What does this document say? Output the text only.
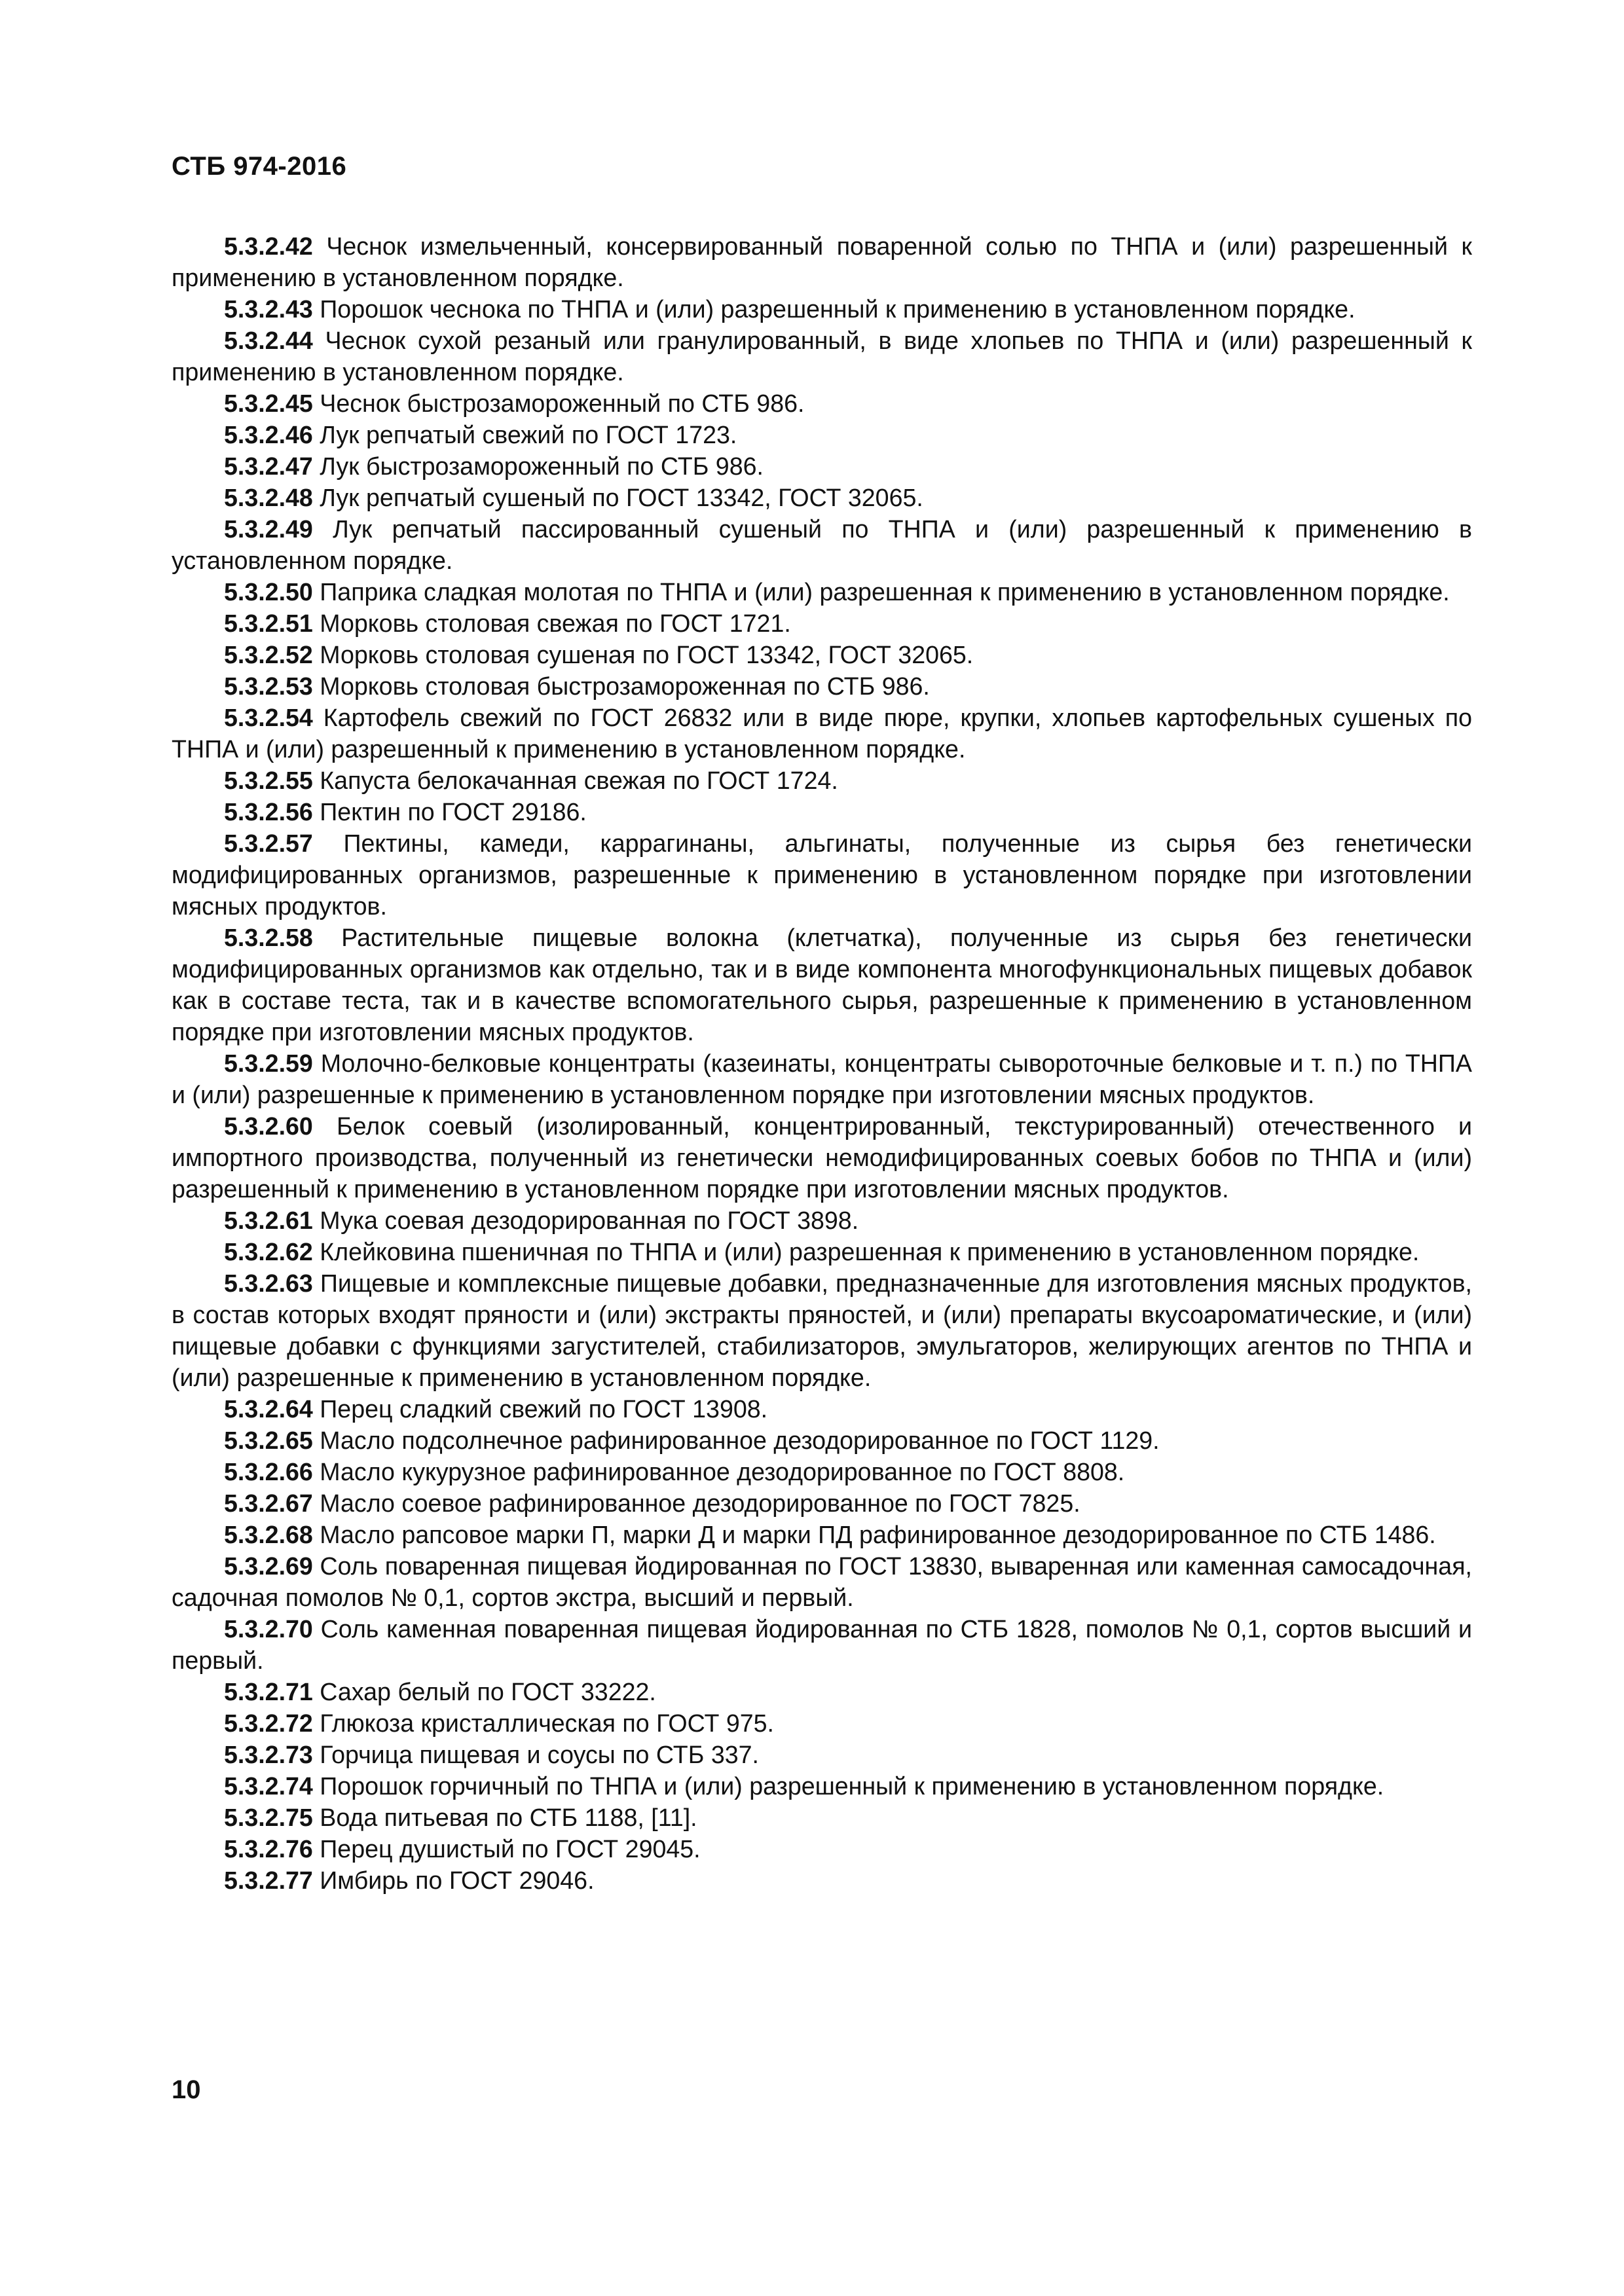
СТБ 974-2016

5.3.2.42 Чеснок измельченный, консервированный поваренной солью по ТНПА и (или) разрешенный к применению в установленном порядке.

5.3.2.43 Порошок чеснока по ТНПА и (или) разрешенный к применению в установленном порядке.

5.3.2.44 Чеснок сухой резаный или гранулированный, в виде хлопьев по ТНПА и (или) разрешенный к применению в установленном порядке.

5.3.2.45 Чеснок быстрозамороженный по СТБ 986.

5.3.2.46 Лук репчатый свежий по ГОСТ 1723.

5.3.2.47 Лук быстрозамороженный по СТБ 986.

5.3.2.48 Лук репчатый сушеный по ГОСТ 13342, ГОСТ 32065.

5.3.2.49 Лук репчатый пассированный сушеный по ТНПА и (или) разрешенный к применению в установленном порядке.

5.3.2.50 Паприка сладкая молотая по ТНПА и (или) разрешенная к применению в установленном порядке.

5.3.2.51 Морковь столовая свежая по ГОСТ 1721.

5.3.2.52 Морковь столовая сушеная по ГОСТ 13342, ГОСТ 32065.

5.3.2.53 Морковь столовая быстрозамороженная по СТБ 986.

5.3.2.54 Картофель свежий по ГОСТ 26832 или в виде пюре, крупки, хлопьев картофельных сушеных по ТНПА и (или) разрешенный к применению в установленном порядке.

5.3.2.55 Капуста белокачанная свежая по ГОСТ 1724.

5.3.2.56 Пектин по ГОСТ 29186.

5.3.2.57 Пектины, камеди, каррагинаны, альгинаты, полученные из сырья без генетически модифицированных организмов, разрешенные к применению в установленном порядке при изготовлении мясных продуктов.

5.3.2.58 Растительные пищевые волокна (клетчатка), полученные из сырья без генетически модифицированных организмов как отдельно, так и в виде компонента многофункциональных пищевых добавок как в составе теста, так и в качестве вспомогательного сырья, разрешенные к применению в установленном порядке при изготовлении мясных продуктов.

5.3.2.59 Молочно-белковые концентраты (казеинаты, концентраты сывороточные белковые и т. п.) по ТНПА и (или) разрешенные к применению в установленном порядке при изготовлении мясных продуктов.

5.3.2.60 Белок соевый (изолированный, концентрированный, текстурированный) отечественного и импортного производства, полученный из генетически немодифицированных соевых бобов по ТНПА и (или) разрешенный к применению в установленном порядке при изготовлении мясных продуктов.

5.3.2.61 Мука соевая дезодорированная по ГОСТ 3898.

5.3.2.62 Клейковина пшеничная по ТНПА и (или) разрешенная к применению в установленном порядке.

5.3.2.63 Пищевые и комплексные пищевые добавки, предназначенные для изготовления мясных продуктов, в состав которых входят пряности и (или) экстракты пряностей, и (или) препараты вкусоароматические, и (или) пищевые добавки с функциями загустителей, стабилизаторов, эмульгаторов, желирующих агентов по ТНПА и (или) разрешенные к применению в установленном порядке.

5.3.2.64 Перец сладкий свежий по ГОСТ 13908.

5.3.2.65 Масло подсолнечное рафинированное дезодорированное по ГОСТ 1129.

5.3.2.66 Масло кукурузное рафинированное дезодорированное по ГОСТ 8808.

5.3.2.67 Масло соевое рафинированное дезодорированное по ГОСТ 7825.

5.3.2.68 Масло рапсовое марки П, марки Д и марки ПД рафинированное дезодорированное по СТБ 1486.

5.3.2.69 Соль поваренная пищевая йодированная по ГОСТ 13830, вываренная или каменная самосадочная, садочная помолов № 0,1, сортов экстра, высший и первый.

5.3.2.70 Соль каменная поваренная пищевая йодированная по СТБ 1828, помолов № 0,1, сортов высший и первый.

5.3.2.71 Сахар белый по ГОСТ 33222.

5.3.2.72 Глюкоза кристаллическая по ГОСТ 975.

5.3.2.73 Горчица пищевая и соусы по СТБ 337.

5.3.2.74 Порошок горчичный по ТНПА и (или) разрешенный к применению в установленном порядке.

5.3.2.75 Вода питьевая по СТБ 1188, [11].

5.3.2.76 Перец душистый по ГОСТ 29045.

5.3.2.77 Имбирь по ГОСТ 29046.

10
